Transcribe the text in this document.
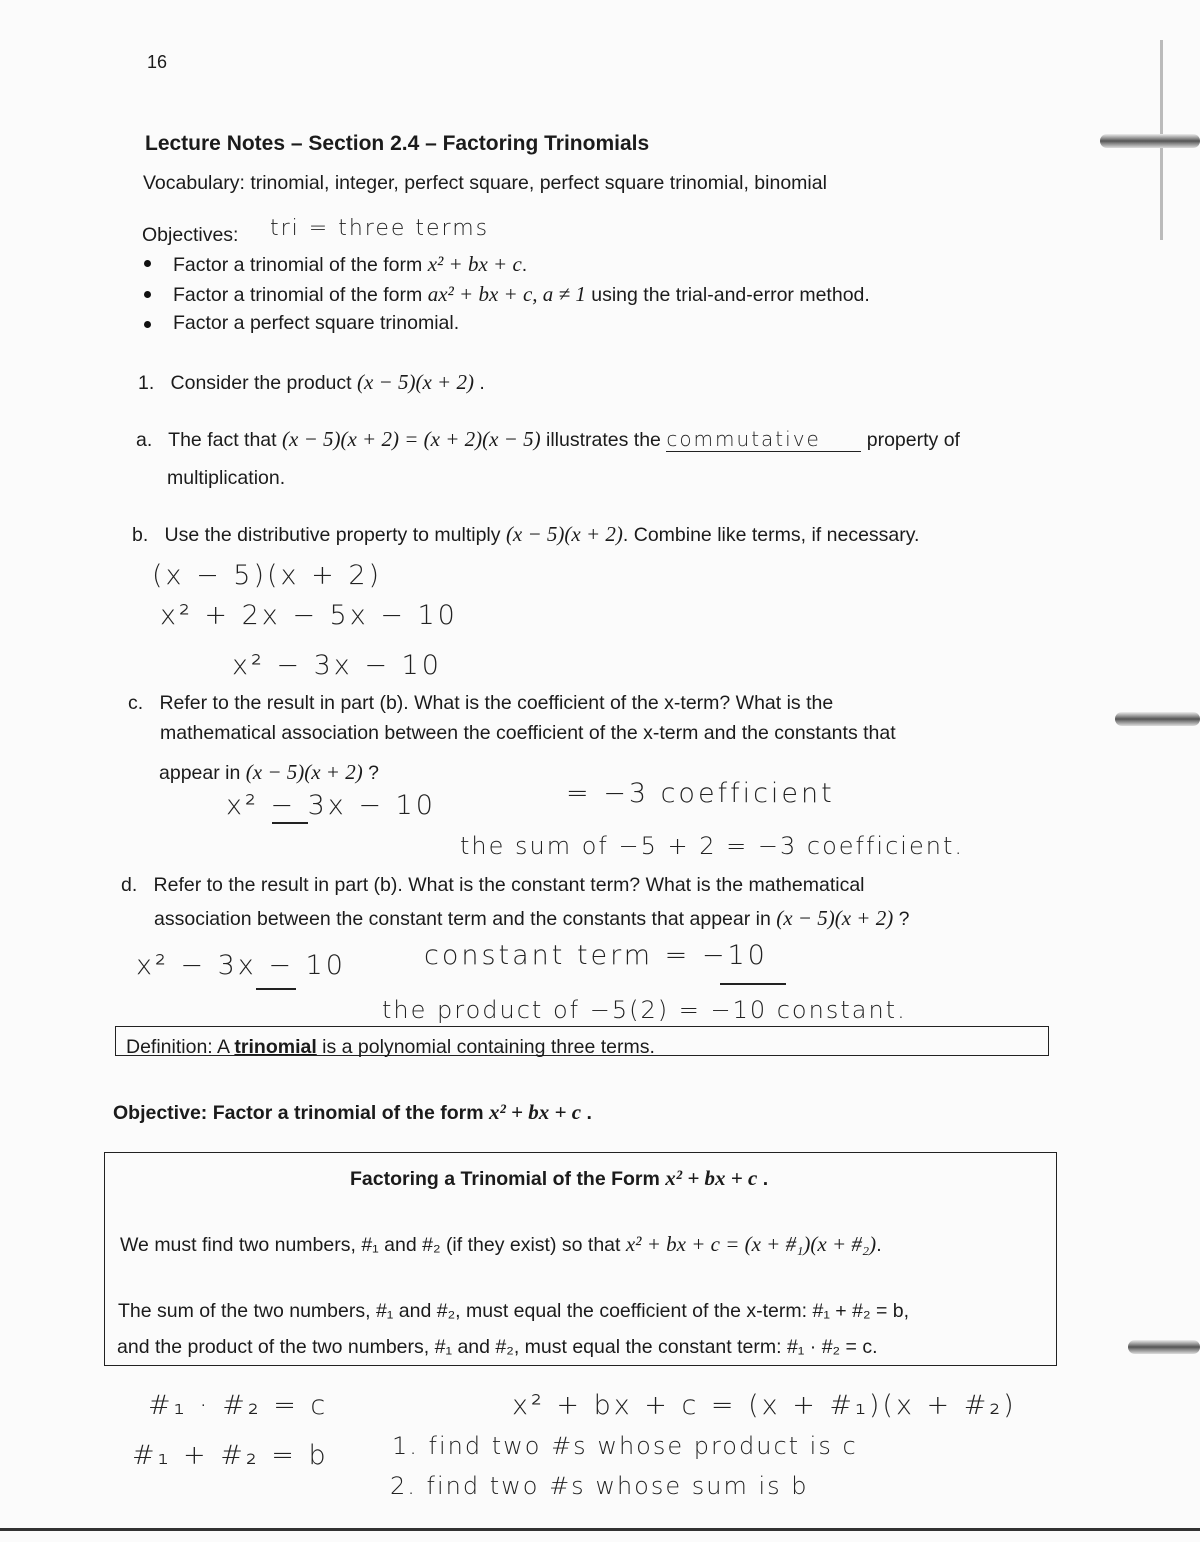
16
Lecture Notes – Section 2.4 – Factoring Trinomials
Vocabulary: trinomial, integer, perfect square, perfect square trinomial, binomial
Objectives: tri = three terms
Factor a trinomial of the form x² + bx + c.
Factor a trinomial of the form ax² + bx + c, a ≠ 1 using the trial-and-error method.
Factor a perfect square trinomial.
1. Consider the product (x − 5)(x + 2) .
a. The fact that (x − 5)(x + 2) = (x + 2)(x − 5) illustrates the commutative property of
multiplication.
b. Use the distributive property to multiply (x − 5)(x + 2). Combine like terms, if necessary.
(x − 5)(x + 2)
x² + 2x − 5x − 10
x² − 3x − 10
c. Refer to the result in part (b). What is the coefficient of the x-term? What is the
mathematical association between the coefficient of the x-term and the constants that
appear in (x − 5)(x + 2) ?
x² − 3x − 10	= −3 coefficient
the sum of −5 + 2 = −3 coefficient.
d. Refer to the result in part (b). What is the constant term? What is the mathematical
association between the constant term and the constants that appear in (x − 5)(x + 2) ?
x² − 3x − 10	constant term = −10
the product of −5(2) = −10 constant.
Definition: A trinomial is a polynomial containing three terms.
Objective: Factor a trinomial of the form x² + bx + c .
Factoring a Trinomial of the Form x² + bx + c .
We must find two numbers, #₁ and #₂ (if they exist) so that x² + bx + c = (x + #₁)(x + #₂).
The sum of the two numbers, #₁ and #₂, must equal the coefficient of the x-term: #₁ + #₂ = b,
and the product of the two numbers, #₁ and #₂, must equal the constant term: #₁ · #₂ = c.
#₁ · #₂ = c
#₁ + #₂ = b
x² + bx + c = (x + #₁)(x + #₂)
1. find two #s whose product is c
2. find two #s whose sum is b
